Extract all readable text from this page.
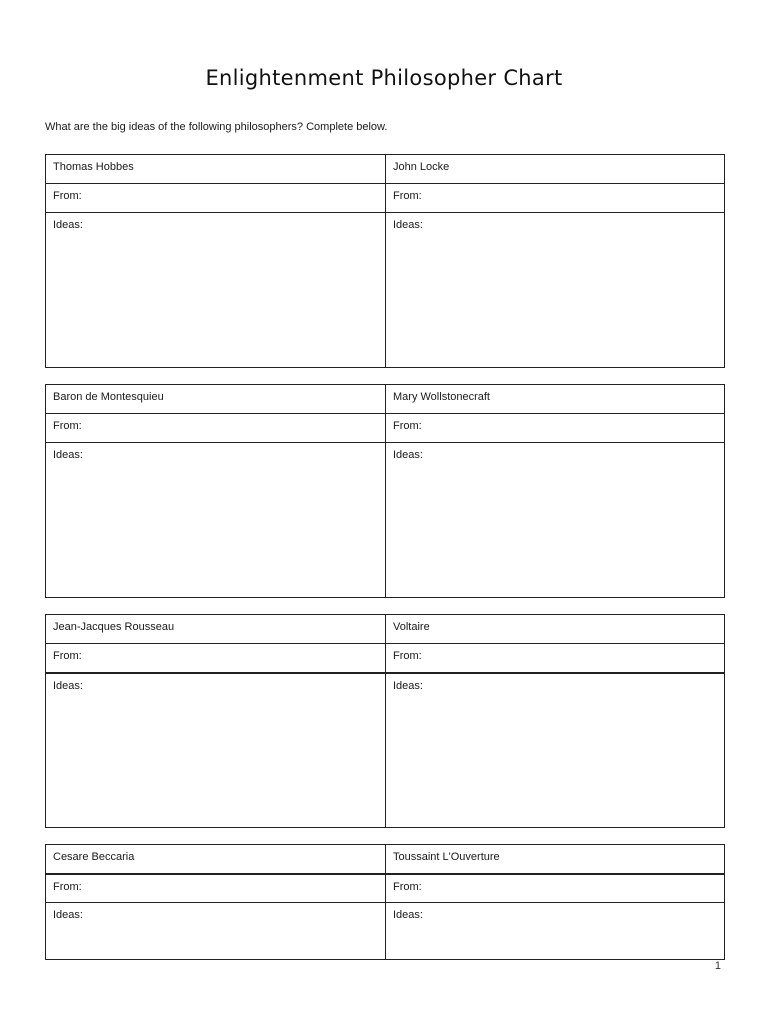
Enlightenment Philosopher Chart
What are the big ideas of the following philosophers? Complete below.
Thomas Hobbes	John Locke
From:	From:
Ideas:	Ideas:
Baron de Montesquieu	Mary Wollstonecraft
From:	From:
Ideas:	Ideas:
Jean-Jacques Rousseau	Voltaire
From:	From:
Ideas:	Ideas:
Cesare Beccaria	Toussaint L'Ouverture
From:	From:
Ideas:	Ideas:
1
